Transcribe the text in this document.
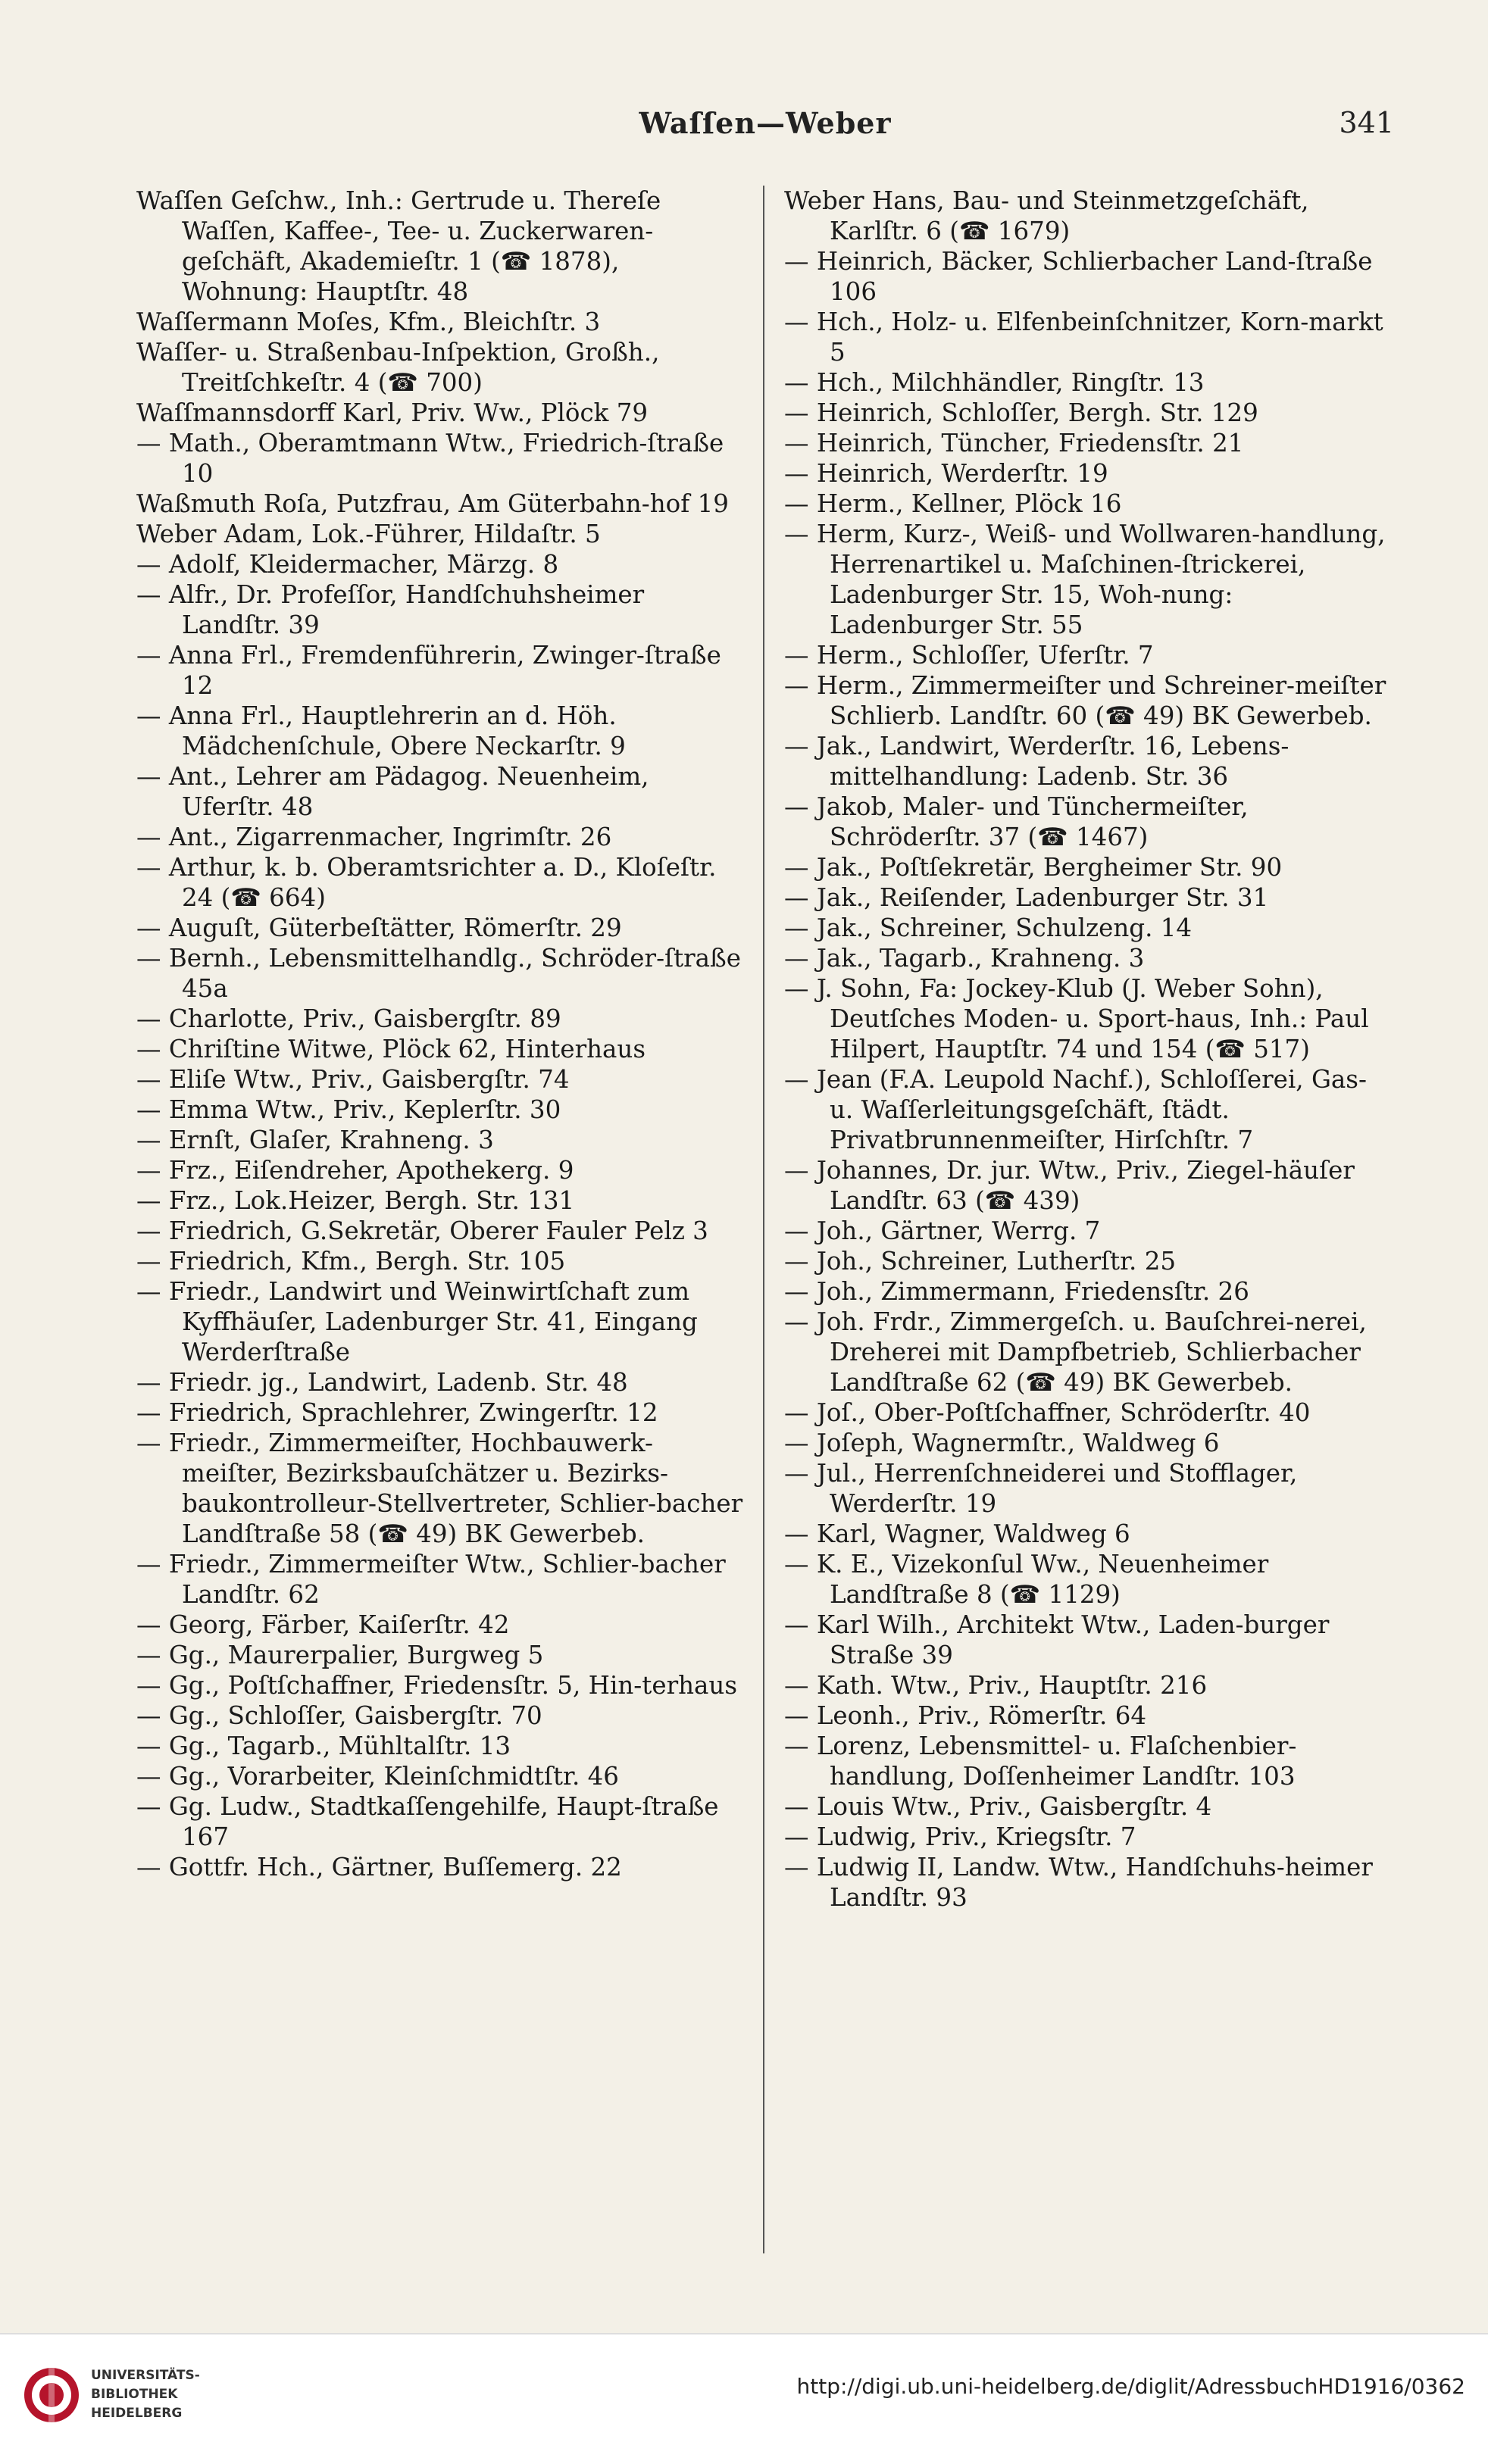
Waſſen—Weber	341

Waſſen Geſchw., Inh.: Gertrude u. Thereſe Waſſen, Kaffee-, Tee- u. Zuckerwaren-geſchäft, Akademieſtr. 1 (☎ 1878), Wohnung: Hauptſtr. 48

Waſſermann Moſes, Kfm., Bleichſtr. 3

Waſſer- u. Straßenbau-Inſpektion, Großh., Treitſchkeſtr. 4 (☎ 700)

Waſſmannsdorff Karl, Priv. Ww., Plöck 79

— Math., Oberamtmann Wtw., Friedrich-ſtraße 10

Waßmuth Roſa, Putzfrau, Am Güterbahn-hof 19

Weber Adam, Lok.-Führer, Hildaſtr. 5

— Adolf, Kleidermacher, Märzg. 8

— Alfr., Dr. Profeſſor, Handſchuhsheimer Landſtr. 39

— Anna Frl., Fremdenführerin, Zwinger-ſtraße 12

— Anna Frl., Hauptlehrerin an d. Höh. Mädchenſchule, Obere Neckarſtr. 9

— Ant., Lehrer am Pädagog. Neuenheim, Uferſtr. 48

— Ant., Zigarrenmacher, Ingrimſtr. 26

— Arthur, k. b. Oberamtsrichter a. D., Kloſeſtr. 24 (☎ 664)

— Auguſt, Güterbeſtätter, Römerſtr. 29

— Bernh., Lebensmittelhandlg., Schröder-ſtraße 45a

— Charlotte, Priv., Gaisbergſtr. 89

— Chriſtine Witwe, Plöck 62, Hinterhaus

— Eliſe Wtw., Priv., Gaisbergſtr. 74

— Emma Wtw., Priv., Keplerſtr. 30

— Ernſt, Glaſer, Krahneng. 3

— Frz., Eiſendreher, Apothekerg. 9

— Frz., Lok.Heizer, Bergh. Str. 131

— Friedrich, G.Sekretär, Oberer Fauler Pelz 3

— Friedrich, Kfm., Bergh. Str. 105

— Friedr., Landwirt und Weinwirtſchaft zum Kyffhäuſer, Ladenburger Str. 41, Eingang Werderſtraße

— Friedr. jg., Landwirt, Ladenb. Str. 48

— Friedrich, Sprachlehrer, Zwingerſtr. 12

— Friedr., Zimmermeiſter, Hochbauwerk-meiſter, Bezirksbauſchätzer u. Bezirks-baukontrolleur-Stellvertreter, Schlier-bacher Landſtraße 58 (☎ 49) BK Gewerbeb.

— Friedr., Zimmermeiſter Wtw., Schlier-bacher Landſtr. 62

— Georg, Färber, Kaiſerſtr. 42

— Gg., Maurerpalier, Burgweg 5

— Gg., Poſtſchaffner, Friedensſtr. 5, Hin-terhaus

— Gg., Schloſſer, Gaisbergſtr. 70

— Gg., Tagarb., Mühltalſtr. 13

— Gg., Vorarbeiter, Kleinſchmidtſtr. 46

— Gg. Ludw., Stadtkaſſengehilfe, Haupt-ſtraße 167

— Gottfr. Hch., Gärtner, Buſſemerg. 22

Weber Hans, Bau- und Steinmetzgeſchäft, Karlſtr. 6 (☎ 1679)

— Heinrich, Bäcker, Schlierbacher Land-ſtraße 106

— Hch., Holz- u. Elfenbeinſchnitzer, Korn-markt 5

— Hch., Milchhändler, Ringſtr. 13

— Heinrich, Schloſſer, Bergh. Str. 129

— Heinrich, Tüncher, Friedensſtr. 21

— Heinrich, Werderſtr. 19

— Herm., Kellner, Plöck 16

— Herm, Kurz-, Weiß- und Wollwaren-handlung, Herrenartikel u. Maſchinen-ſtrickerei, Ladenburger Str. 15, Woh-nung: Ladenburger Str. 55

— Herm., Schloſſer, Uferſtr. 7

— Herm., Zimmermeiſter und Schreiner-meiſter Schlierb. Landſtr. 60 (☎ 49) BK Gewerbeb.

— Jak., Landwirt, Werderſtr. 16, Lebens-mittelhandlung: Ladenb. Str. 36

— Jakob, Maler- und Tünchermeiſter, Schröderſtr. 37 (☎ 1467)

— Jak., Poſtſekretär, Bergheimer Str. 90

— Jak., Reiſender, Ladenburger Str. 31

— Jak., Schreiner, Schulzeng. 14

— Jak., Tagarb., Krahneng. 3

— J. Sohn, Fa: Jockey-Klub (J. Weber Sohn), Deutſches Moden- u. Sport-haus, Inh.: Paul Hilpert, Hauptſtr. 74 und 154 (☎ 517)

— Jean (F.A. Leupold Nachf.), Schloſſerei, Gas- u. Waſſerleitungsgeſchäft, ſtädt. Privatbrunnenmeiſter, Hirſchſtr. 7

— Johannes, Dr. jur. Wtw., Priv., Ziegel-häuſer Landſtr. 63 (☎ 439)

— Joh., Gärtner, Werrg. 7

— Joh., Schreiner, Lutherſtr. 25

— Joh., Zimmermann, Friedensſtr. 26

— Joh. Frdr., Zimmergeſch. u. Bauſchrei-nerei, Dreherei mit Dampfbetrieb, Schlierbacher Landſtraße 62 (☎ 49) BK Gewerbeb.

— Joſ., Ober-Poſtſchaffner, Schröderſtr. 40

— Joſeph, Wagnermſtr., Waldweg 6

— Jul., Herrenſchneiderei und Stofflager, Werderſtr. 19

— Karl, Wagner, Waldweg 6

— K. E., Vizekonſul Ww., Neuenheimer Landſtraße 8 (☎ 1129)

— Karl Wilh., Architekt Wtw., Laden-burger Straße 39

— Kath. Wtw., Priv., Hauptſtr. 216

— Leonh., Priv., Römerſtr. 64

— Lorenz, Lebensmittel- u. Flaſchenbier-handlung, Doſſenheimer Landſtr. 103

— Louis Wtw., Priv., Gaisbergſtr. 4

— Ludwig, Priv., Kriegsſtr. 7

— Ludwig II, Landw. Wtw., Handſchuhs-heimer Landſtr. 93

UNIVERSITÄTS-
BIBLIOTHEK
HEIDELBERG
http://digi.ub.uni-heidelberg.de/diglit/AdressbuchHD1916/0362
